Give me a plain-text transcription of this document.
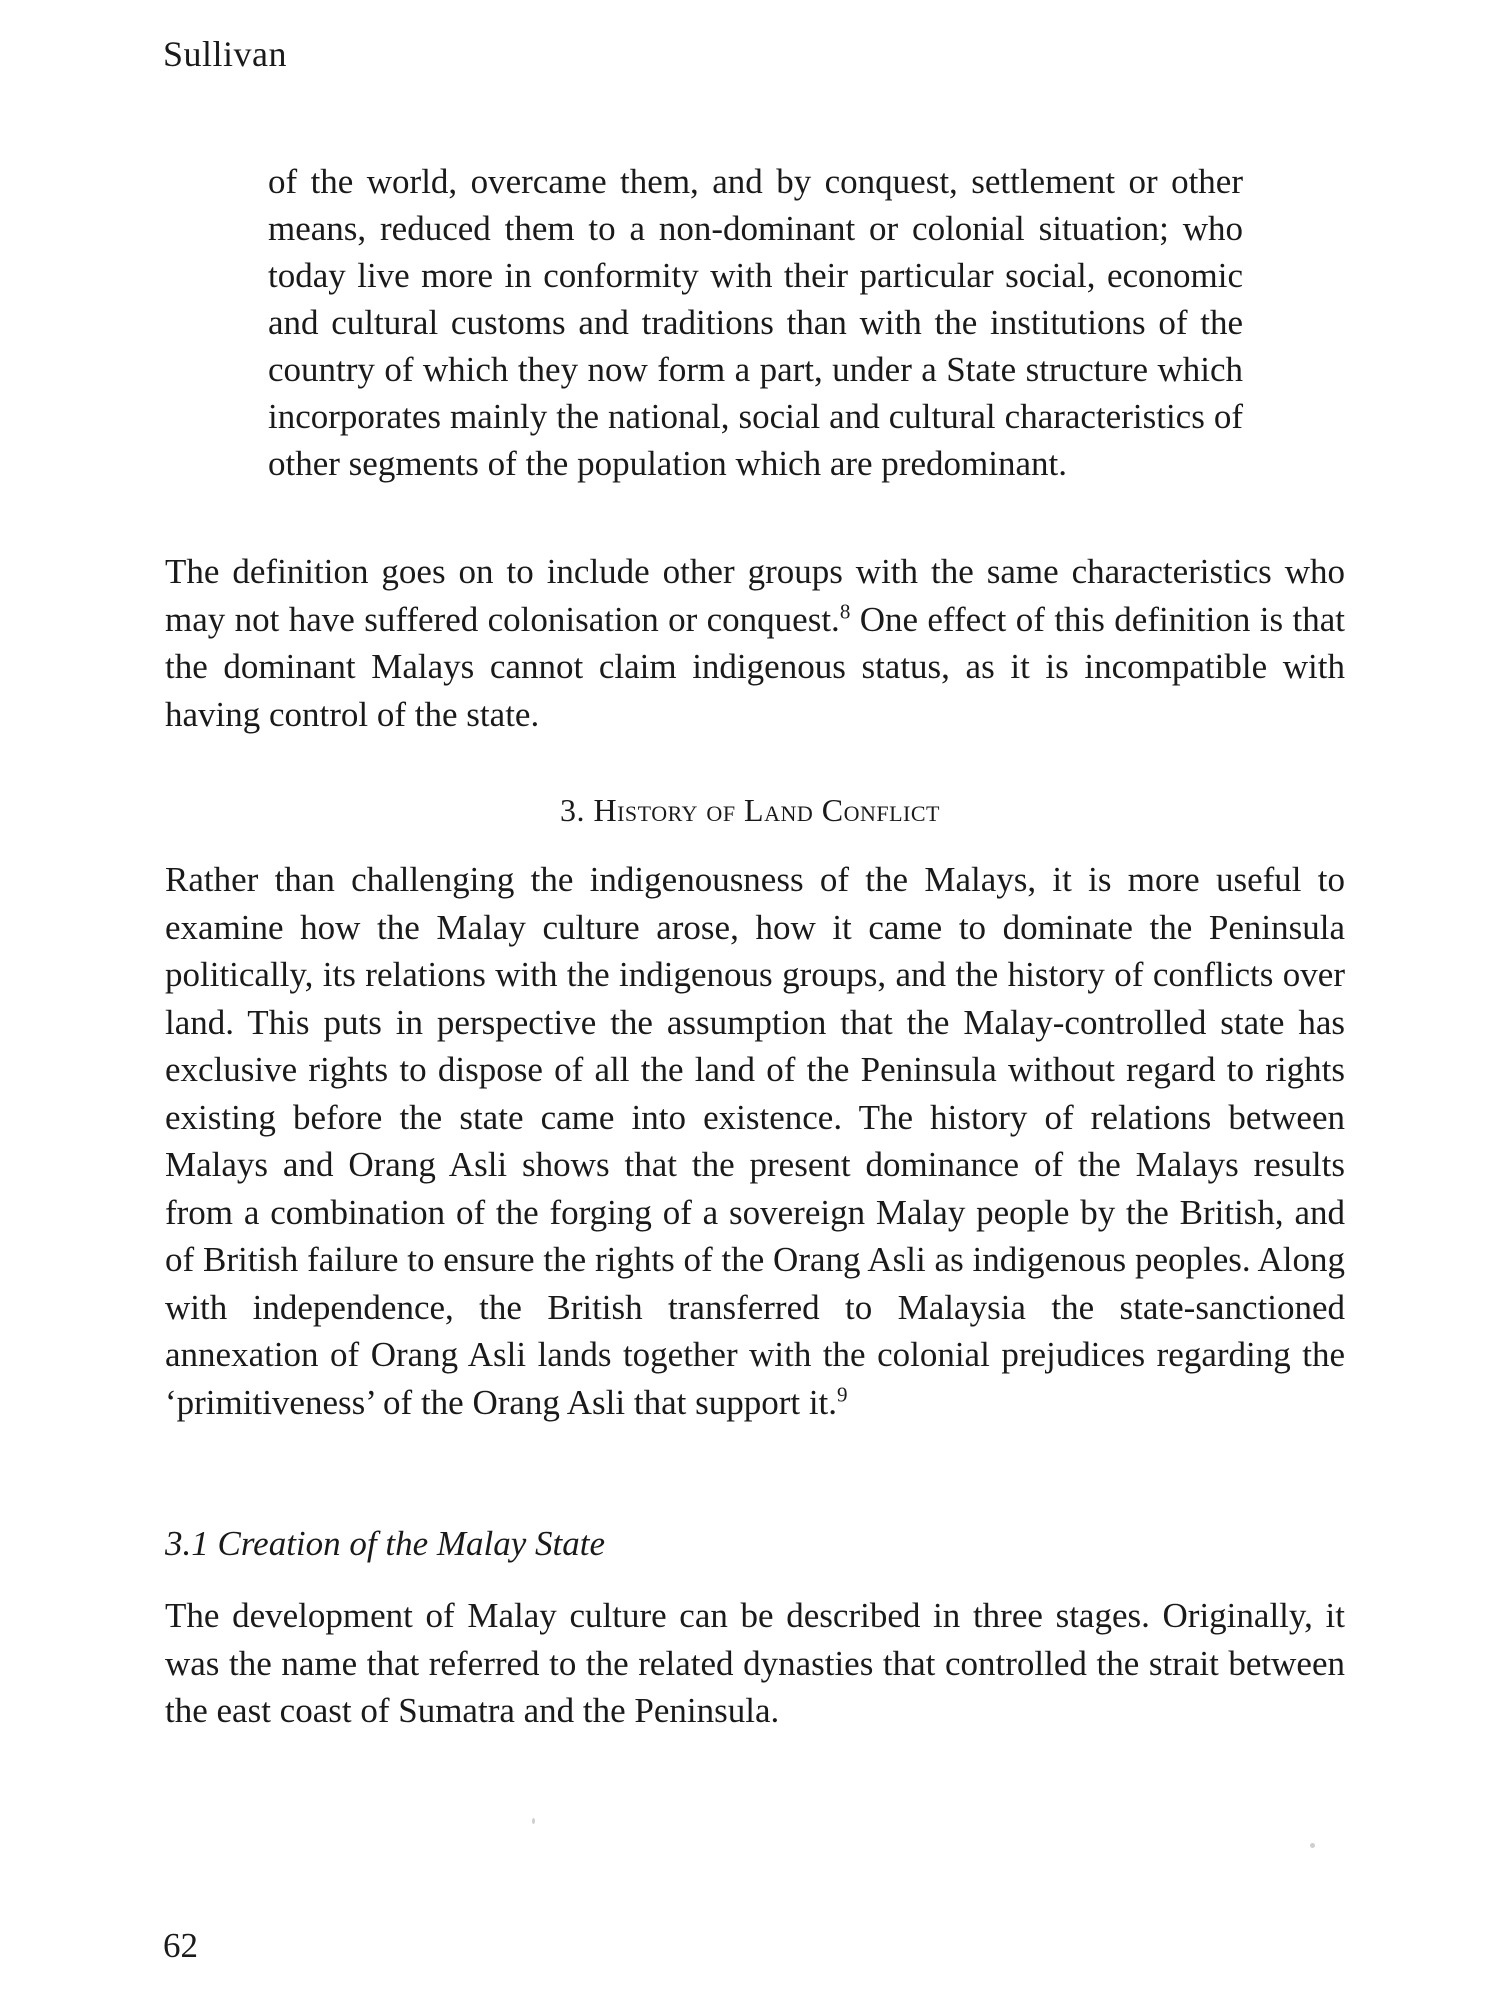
Sullivan
of the world, overcame them, and by conquest, settlement or other means, reduced them to a non-dominant or colonial situation; who today live more in conformity with their particular social, economic and cultural customs and traditions than with the institutions of the country of which they now form a part, under a State structure which incorporates mainly the national, social and cultural characteristics of other segments of the population which are predominant.

The definition goes on to include other groups with the same characteristics who may not have suffered colonisation or conquest.$^8$ One effect of this definition is that the dominant Malays cannot claim indigenous status, as it is incompatible with having control of the state.

3. History of Land Conflict

Rather than challenging the indigenousness of the Malays, it is more useful to examine how the Malay culture arose, how it came to dominate the Peninsula politically, its relations with the indigenous groups, and the history of conflicts over land. This puts in perspective the assumption that the Malay-controlled state has exclusive rights to dispose of all the land of the Peninsula without regard to rights existing before the state came into existence. The history of relations between Malays and Orang Asli shows that the present dominance of the Malays results from a combination of the forging of a sovereign Malay people by the British, and of British failure to ensure the rights of the Orang Asli as indigenous peoples. Along with independence, the British transferred to Malaysia the state-sanctioned annexation of Orang Asli lands together with the colonial prejudices regarding the ‘primitiveness’ of the Orang Asli that support it.$^9$

3.1 Creation of the Malay State

The development of Malay culture can be described in three stages. Originally, it was the name that referred to the related dynasties that controlled the strait between the east coast of Sumatra and the Peninsula.

62
